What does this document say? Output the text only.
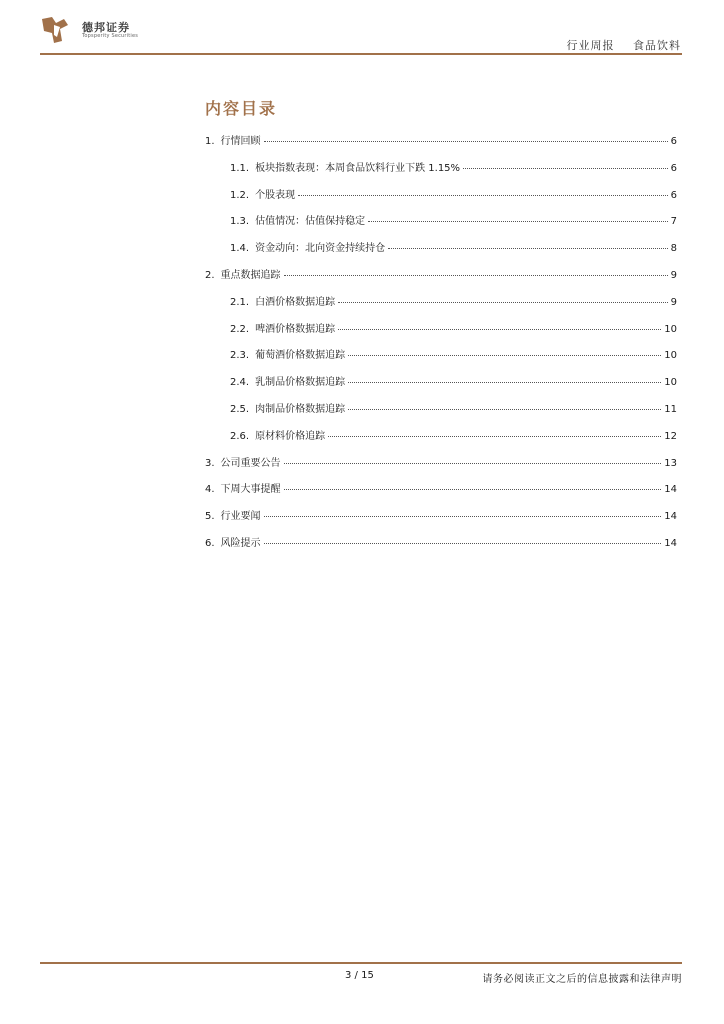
德邦证券
Topsperity Securities
行业周报 食品饮料
内容目录
1. 行情回顾	6
1.1. 板块指数表现：本周食品饮料行业下跌 1.15%	6
1.2. 个股表现	6
1.3. 估值情况：估值保持稳定	7
1.4. 资金动向：北向资金持续持仓	8
2. 重点数据追踪	9
2.1. 白酒价格数据追踪	9
2.2. 啤酒价格数据追踪	10
2.3. 葡萄酒价格数据追踪	10
2.4. 乳制品价格数据追踪	10
2.5. 肉制品价格数据追踪	11
2.6. 原材料价格追踪	12
3. 公司重要公告	13
4. 下周大事提醒	14
5. 行业要闻	14
6. 风险提示	14
3 / 15	请务必阅读正文之后的信息披露和法律声明
